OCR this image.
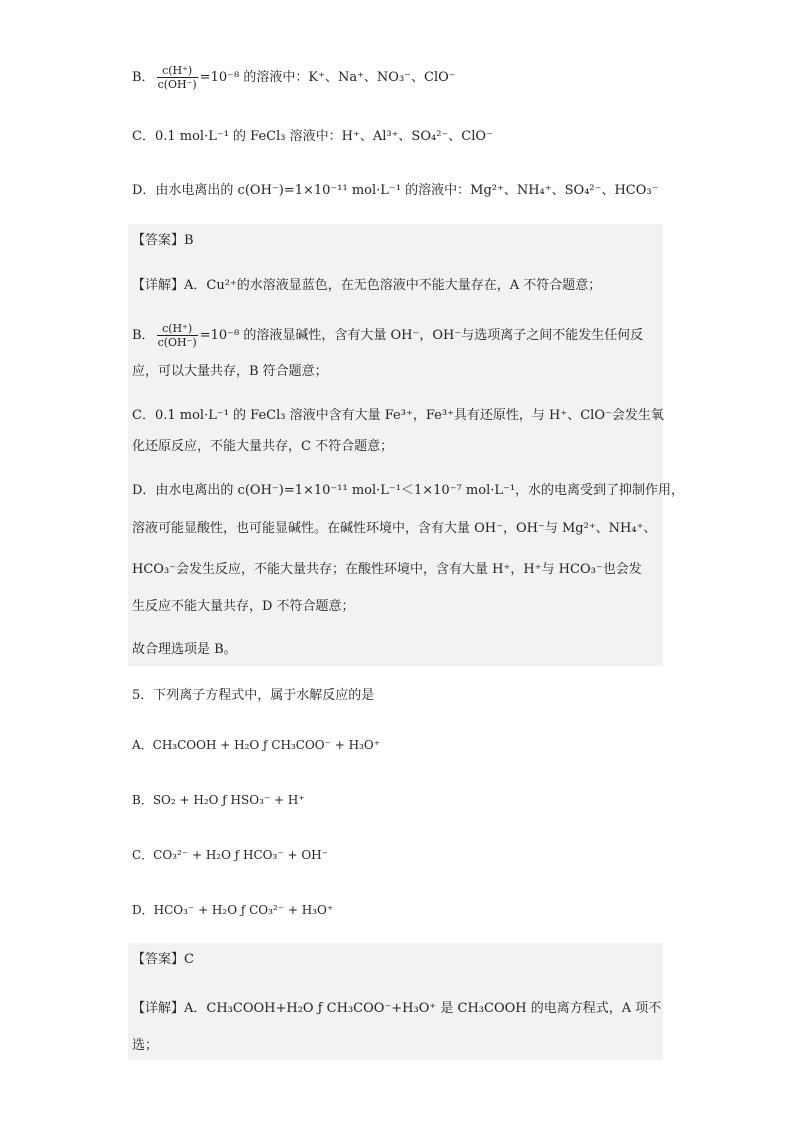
B． $\frac{c(H^+)}{c(OH^-)} =10^{-8}$ 的溶液中：K⁺、Na⁺、NO₃⁻、ClO⁻
C．0.1 mol·L⁻¹ 的 FeCl₃ 溶液中：H⁺、Al³⁺、SO₄²⁻、ClO⁻
D．由水电离出的 c(OH⁻)=1×10⁻¹¹ mol·L⁻¹ 的溶液中：Mg²⁺、NH₄⁺、SO₄²⁻、HCO₃⁻
【答案】B
【详解】A．Cu²⁺的水溶液显蓝色，在无色溶液中不能大量存在，A 不符合题意；
B． $\frac{c(H^+)}{c(OH^-)} =10^{-8}$ 的溶液显碱性，含有大量 OH⁻，OH⁻与选项离子之间不能发生任何反
应，可以大量共存，B 符合题意；
C．0.1 mol·L⁻¹ 的 FeCl₃ 溶液中含有大量 Fe³⁺，Fe³⁺具有还原性，与 H⁺、ClO⁻会发生氧
化还原反应，不能大量共存，C 不符合题意；
D．由水电离出的 c(OH⁻)=1×10⁻¹¹ mol·L⁻¹＜1×10⁻⁷ mol·L⁻¹，水的电离受到了抑制作用，
溶液可能显酸性，也可能显碱性。在碱性环境中，含有大量 OH⁻，OH⁻与 Mg²⁺、NH₄⁺、
HCO₃⁻会发生反应，不能大量共存；在酸性环境中，含有大量 H⁺，H⁺与 HCO₃⁻也会发
生反应不能大量共存，D 不符合题意；
故合理选项是 B。
5．下列离子方程式中，属于水解反应的是
A．CH₃COOH + H₂O ƒ CH₃COO⁻ + H₃O⁺
B．SO₂ + H₂O ƒ HSO₃⁻ + H⁺
C．CO₃²⁻ + H₂O ƒ HCO₃⁻ + OH⁻
D．HCO₃⁻ + H₂O ƒ CO₃²⁻ + H₃O⁺
【答案】C
【详解】A．CH₃COOH+H₂O ƒ CH₃COO⁻+H₃O⁺ 是 CH₃COOH 的电离方程式，A 项不
选；
